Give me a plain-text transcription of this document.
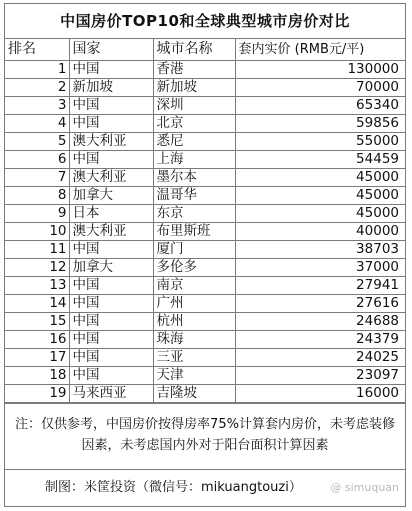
中国房价TOP10和全球典型城市房价对比
排名	国家	城市名称	套内实价 (RMB元/平)
1	中国	香港	130000
2	新加坡	新加坡	70000
3	中国	深圳	65340
4	中国	北京	59856
5	澳大利亚	悉尼	55000
6	中国	上海	54459
7	澳大利亚	墨尔本	45000
8	加拿大	温哥华	45000
9	日本	东京	45000
10	澳大利亚	布里斯班	40000
11	中国	厦门	38703
12	加拿大	多伦多	37000
13	中国	南京	27941
14	中国	广州	27616
15	中国	杭州	24688
16	中国	珠海	24379
17	中国	三亚	24025
18	中国	天津	23097
19	马来西亚	吉隆坡	16000
注：仅供参考，中国房价按得房率75%计算套内房价，未考虑装修因素，未考虑国内外对于阳台面积计算因素
制图：米筐投资（微信号：mikuangtouzi）	@ simuquan
